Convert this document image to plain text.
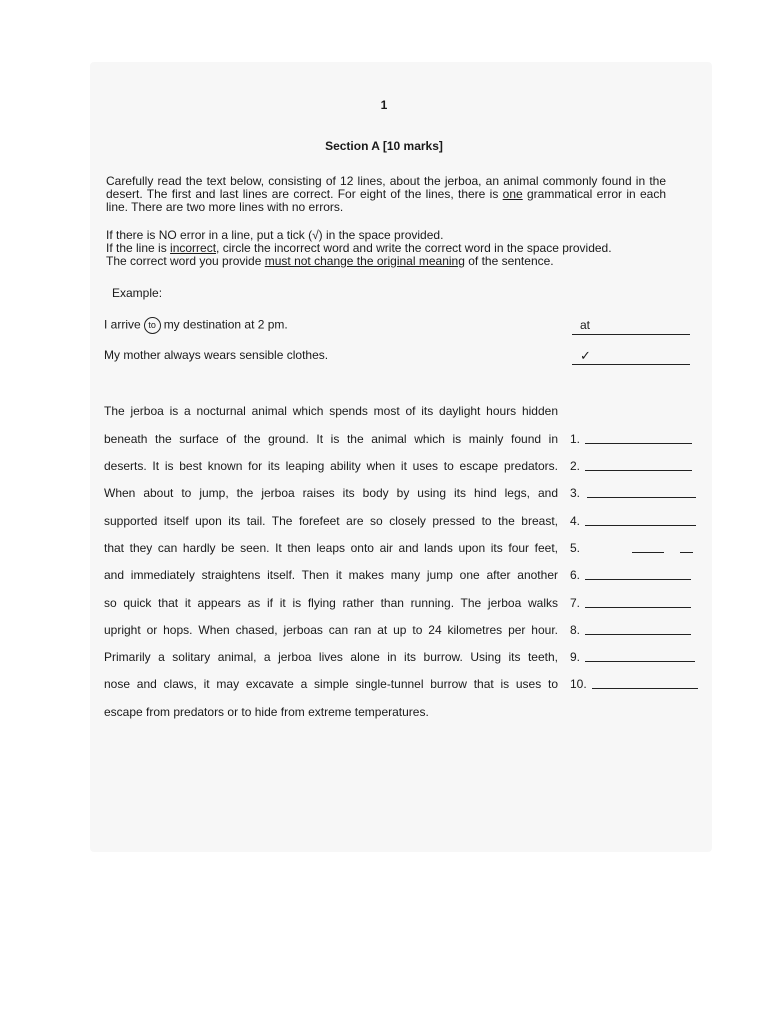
1
Section A [10 marks]
Carefully read the text below, consisting of 12 lines, about the jerboa, an animal commonly found in the desert. The first and last lines are correct. For eight of the lines, there is one grammatical error in each line. There are two more lines with no errors.
If there is NO error in a line, put a tick (√) in the space provided.
If the line is incorrect, circle the incorrect word and write the correct word in the space provided.
The correct word you provide must not change the original meaning of the sentence.
Example:
I arrive to my destination at 2 pm.	at
My mother always wears sensible clothes.	✓
The jerboa is a nocturnal animal which spends most of its daylight hours hidden
beneath the surface of the ground. It is the animal which is mainly found in
deserts. It is best known for its leaping ability when it uses to escape predators.
When about to jump, the jerboa raises its body by using its hind legs, and
supported itself upon its tail. The forefeet are so closely pressed to the breast,
that they can hardly be seen. It then leaps onto air and lands upon its four feet,
and immediately straightens itself. Then it makes many jump one after another
so quick that it appears as if it is flying rather than running. The jerboa walks
upright or hops. When chased, jerboas can ran at up to 24 kilometres per hour.
Primarily a solitary animal, a jerboa lives alone in its burrow. Using its teeth,
nose and claws, it may excavate a simple single-tunnel burrow that is uses to
escape from predators or to hide from extreme temperatures.
1.
2.
3.
4.
5.
6.
7.
8.
9.
10.
